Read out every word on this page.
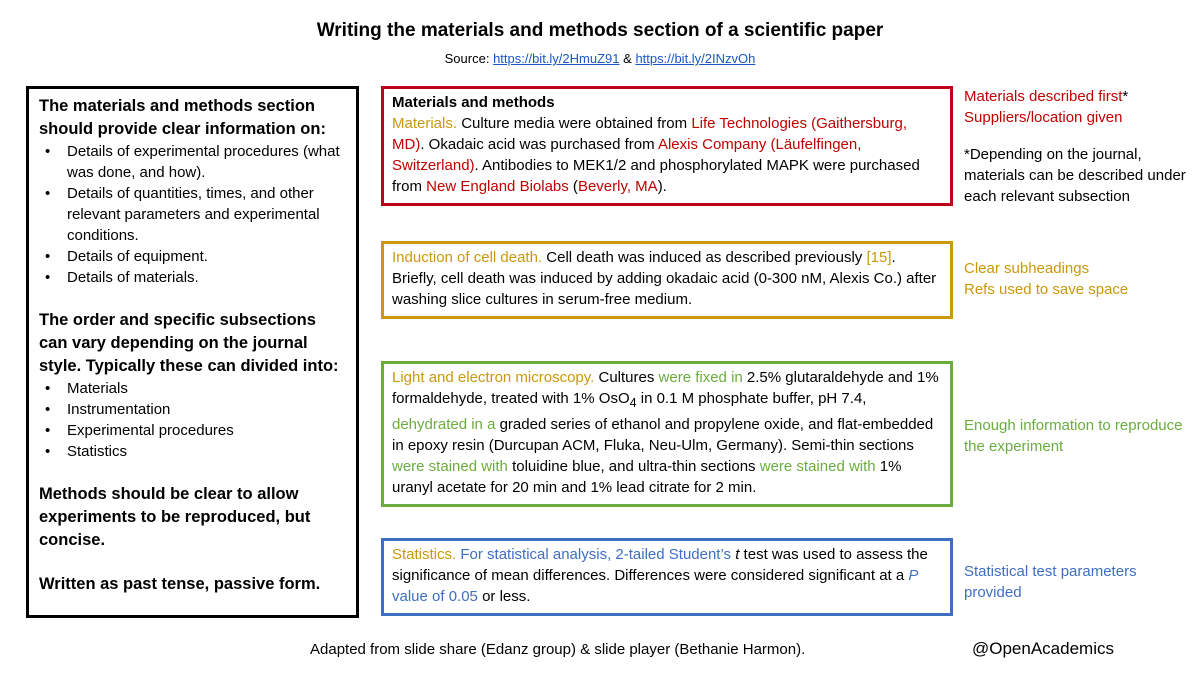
Writing the materials and methods section of a scientific paper
Source: https://bit.ly/2HmuZ91 & https://bit.ly/2INzvOh
The materials and methods section should provide clear information on:
• Details of experimental procedures (what was done, and how).
• Details of quantities, times, and other relevant parameters and experimental conditions.
• Details of equipment.
• Details of materials.
The order and specific subsections can vary depending on the journal style. Typically these can divided into:
• Materials
• Instrumentation
• Experimental procedures
• Statistics
Methods should be clear to allow experiments to be reproduced, but concise.
Written as past tense, passive form.
Materials and methods
Materials. Culture media were obtained from Life Technologies (Gaithersburg, MD). Okadaic acid was purchased from Alexis Company (Läufelfingen, Switzerland). Antibodies to MEK1/2 and phosphorylated MAPK were purchased from New England Biolabs (Beverly, MA).
Induction of cell death. Cell death was induced as described previously [15]. Briefly, cell death was induced by adding okadaic acid (0-300 nM, Alexis Co.) after washing slice cultures in serum-free medium.
Light and electron microscopy. Cultures were fixed in 2.5% glutaraldehyde and 1% formaldehyde, treated with 1% OsO$_4$ in 0.1 M phosphate buffer, pH 7.4, dehydrated in a graded series of ethanol and propylene oxide, and flat-embedded in epoxy resin (Durcupan ACM, Fluka, Neu-Ulm, Germany). Semi-thin sections were stained with toluidine blue, and ultra-thin sections were stained with 1% uranyl acetate for 20 min and 1% lead citrate for 2 min.
Statistics. For statistical analysis, 2-tailed Student’s t test was used to assess the significance of mean differences. Differences were considered significant at a P value of 0.05 or less.
Materials described first*
Suppliers/location given
*Depending on the journal, materials can be described under each relevant subsection
Clear subheadings
Refs used to save space
Enough information to reproduce the experiment
Statistical test parameters provided
Adapted from slide share (Edanz group) & slide player (Bethanie Harmon).	@OpenAcademics
